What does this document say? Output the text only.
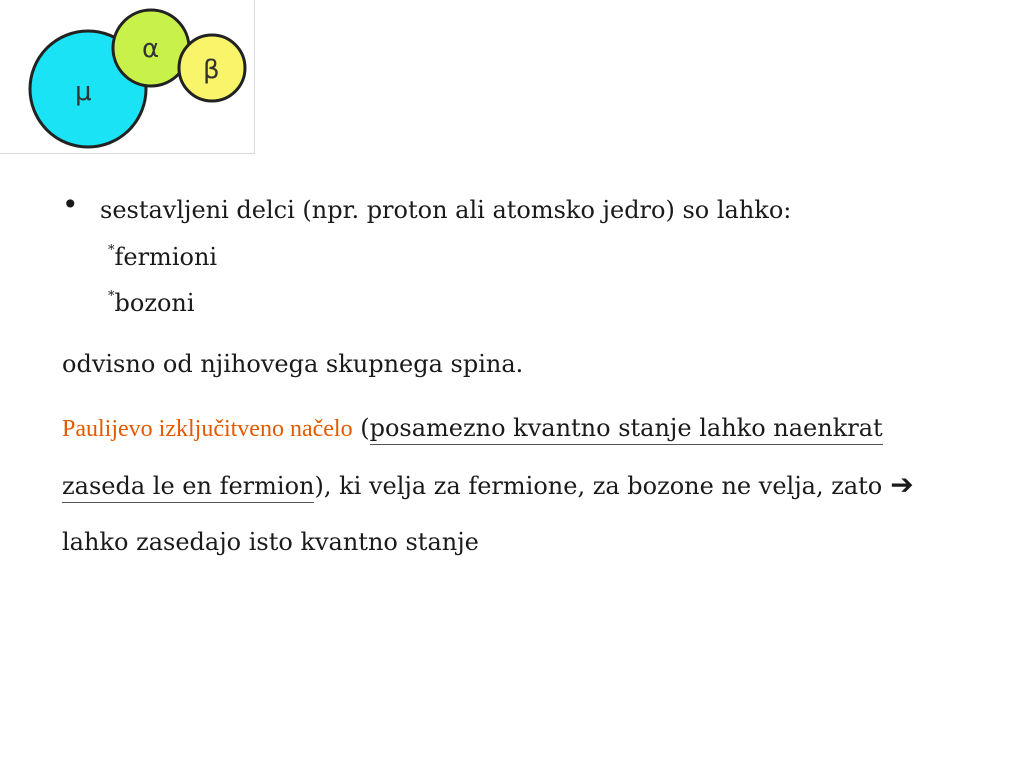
μ
α
β
• sestavljeni delci (npr. proton ali atomsko jedro) so lahko:
* fermioni
* bozoni
odvisno od njihovega skupnega spina.
Paulijevo izključitveno načelo (posamezno kvantno stanje lahko naenkrat zaseda le en fermion), ki velja za fermione, za bozone ne velja, zato ➔lahko zasedajo isto kvantno stanje
